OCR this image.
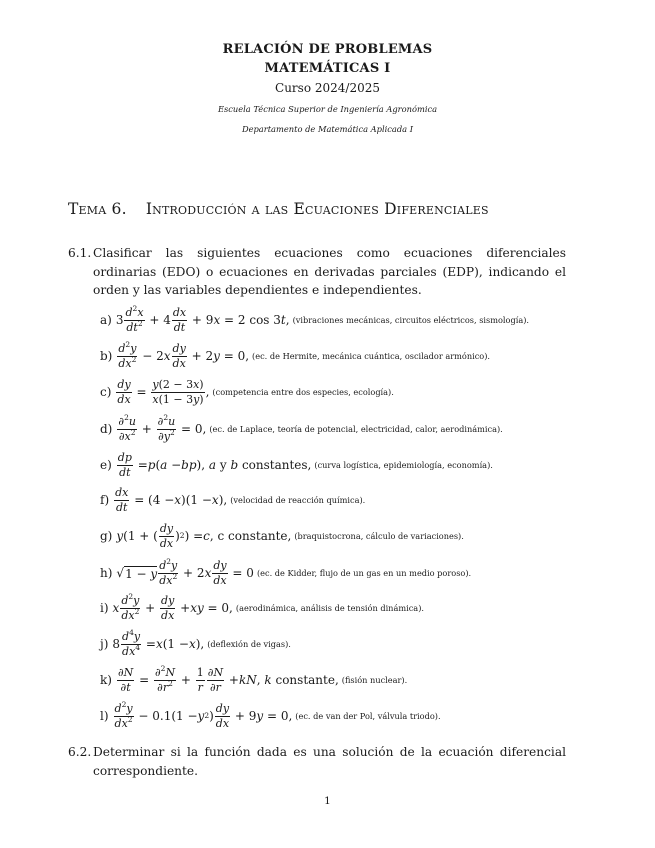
RELACIÓN DE PROBLEMAS
MATEMÁTICAS I
Curso 2024/2025
Escuela Técnica Superior de Ingeniería Agronómica
Departamento de Matemática Aplicada I
Tema 6. Introducción a las Ecuaciones Diferenciales
6.1. Clasificar las siguientes ecuaciones como ecuaciones diferenciales ordinarias (EDO) o ecuaciones en derivadas parciales (EDP), indicando el orden y las variables dependientes e independientes.
a) 3
$d^2x$
$dt^2 + 4$
dx
dt + 9 x = 2 cos 3 t , (vibraciones mecánicas, circuitos eléctricos, sismología).
b)
$d^2y$
$dx^2 - 2$ x
dy
dx + 2 y = 0, (ec. de Hermite, mecánica cuántica, oscilador armónico).
c)
dy
dx =
y(2 − 3x)
x(1 − 3y) , (competencia entre dos especies, ecología).
d)
∂$^2$u
$\partial x^2$ +
∂$^2$u
$\partial y^2 = 0$, (ec. de Laplace, teoría de potencial, electricidad, calor, aerodinámica).
e)
dp
dt = p ( a − bp ), a y b constantes, (curva logística, epidemiología, economía).
f)
dx
dt = (4 − x )(1 − x ), (velocidad de reacción química).
g) y (1 + (
dy
dx ) 2 ) = c , c constante, (braquistocrona, cálculo de variaciones).
h) √ 1 − y
$d^2y$
$dx^2 + 2$ x
dy
dx = 0 (ec. de Kidder, flujo de un gas en un medio poroso).
i) x
$d^2y$
$dx^2$ +
dy
dx + xy = 0, (aerodinámica, análisis de tensión dinámica).
j) 8
$d^4y$
$dx^4 = x$ (1 − x ), (deflexión de vigas).
k)
∂N
∂t =
∂$^2$N
$\partial r^2$ +
1
r
∂N
∂r + kN , k constante, (fisión nuclear).
l)
$d^2y$
$dx^2 - 0.1(1 - y$ 2 )
dy
dx + 9 y = 0, (ec. de van der Pol, válvula triodo).
6.2. Determinar si la función dada es una solución de la ecuación diferencial correspondiente.
1
